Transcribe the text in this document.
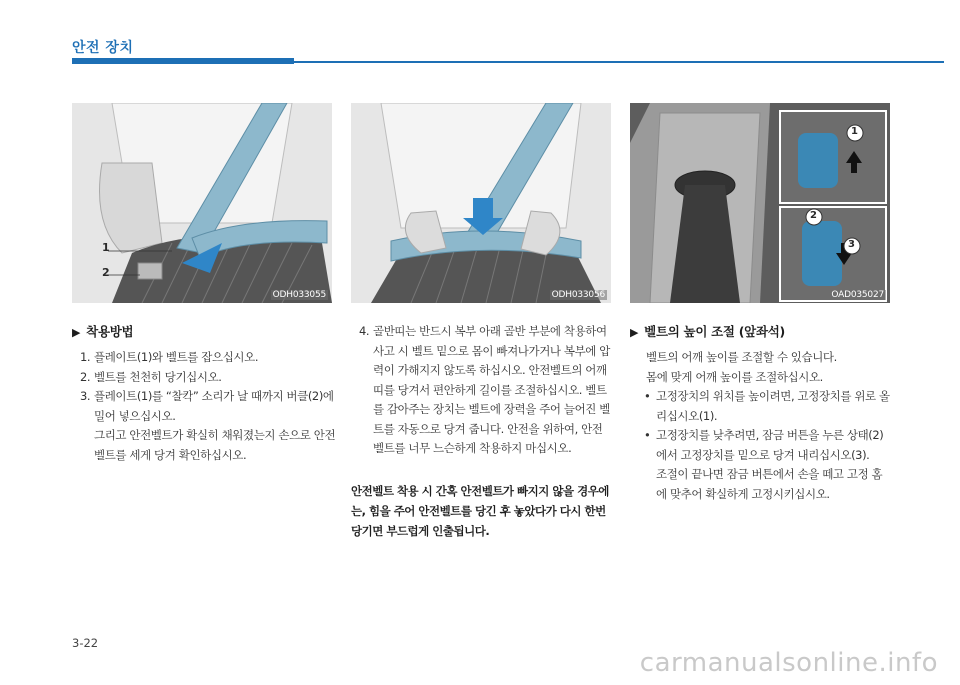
안전 장치
1
2
ODH033055	ODH033056
1
2
3
OAD035027
▶ 착용방법
1. 플레이트(1)와 벨트를 잡으십시오.
2. 벨트를 천천히 당기십시오.
3. 플레이트(1)를 “찰칵” 소리가 날 때까지 버클(2)에 밀어 넣으십시오.
그리고 안전벨트가 확실히 채워졌는지 손으로 안전벨트를 세게 당겨 확인하십시오.
4. 골반띠는 반드시 복부 아래 골반 부분에 착용하여 사고 시 벨트 밑으로 몸이 빠져나가거나 복부에 압력이 가해지지 않도록 하십시오. 안전벨트의 어깨띠를 당겨서 편안하게 길이를 조절하십시오. 벨트를 감아주는 장치는 벨트에 장력을 주어 늘어진 벨트를 자동으로 당겨 줍니다. 안전을 위하여, 안전벨트를 너무 느슨하게 착용하지 마십시오.
안전벨트 착용 시 간혹 안전벨트가 빠지지 않을 경우에는, 힘을 주어 안전벨트를 당긴 후 놓았다가 다시 한번 당기면 부드럽게 인출됩니다.
▶ 벨트의 높이 조절 (앞좌석)
벨트의 어깨 높이를 조절할 수 있습니다.
몸에 맞게 어깨 높이를 조절하십시오.
• 고정장치의 위치를 높이려면, 고정장치를 위로 올리십시오(1).
• 고정장치를 낮추려면, 잠금 버튼을 누른 상태(2)에서 고정장치를 밑으로 당겨 내리십시오(3).
조절이 끝나면 잠금 버튼에서 손을 떼고 고정 홈에 맞추어 확실하게 고정시키십시오.
3-22
carmanualsonline.info
